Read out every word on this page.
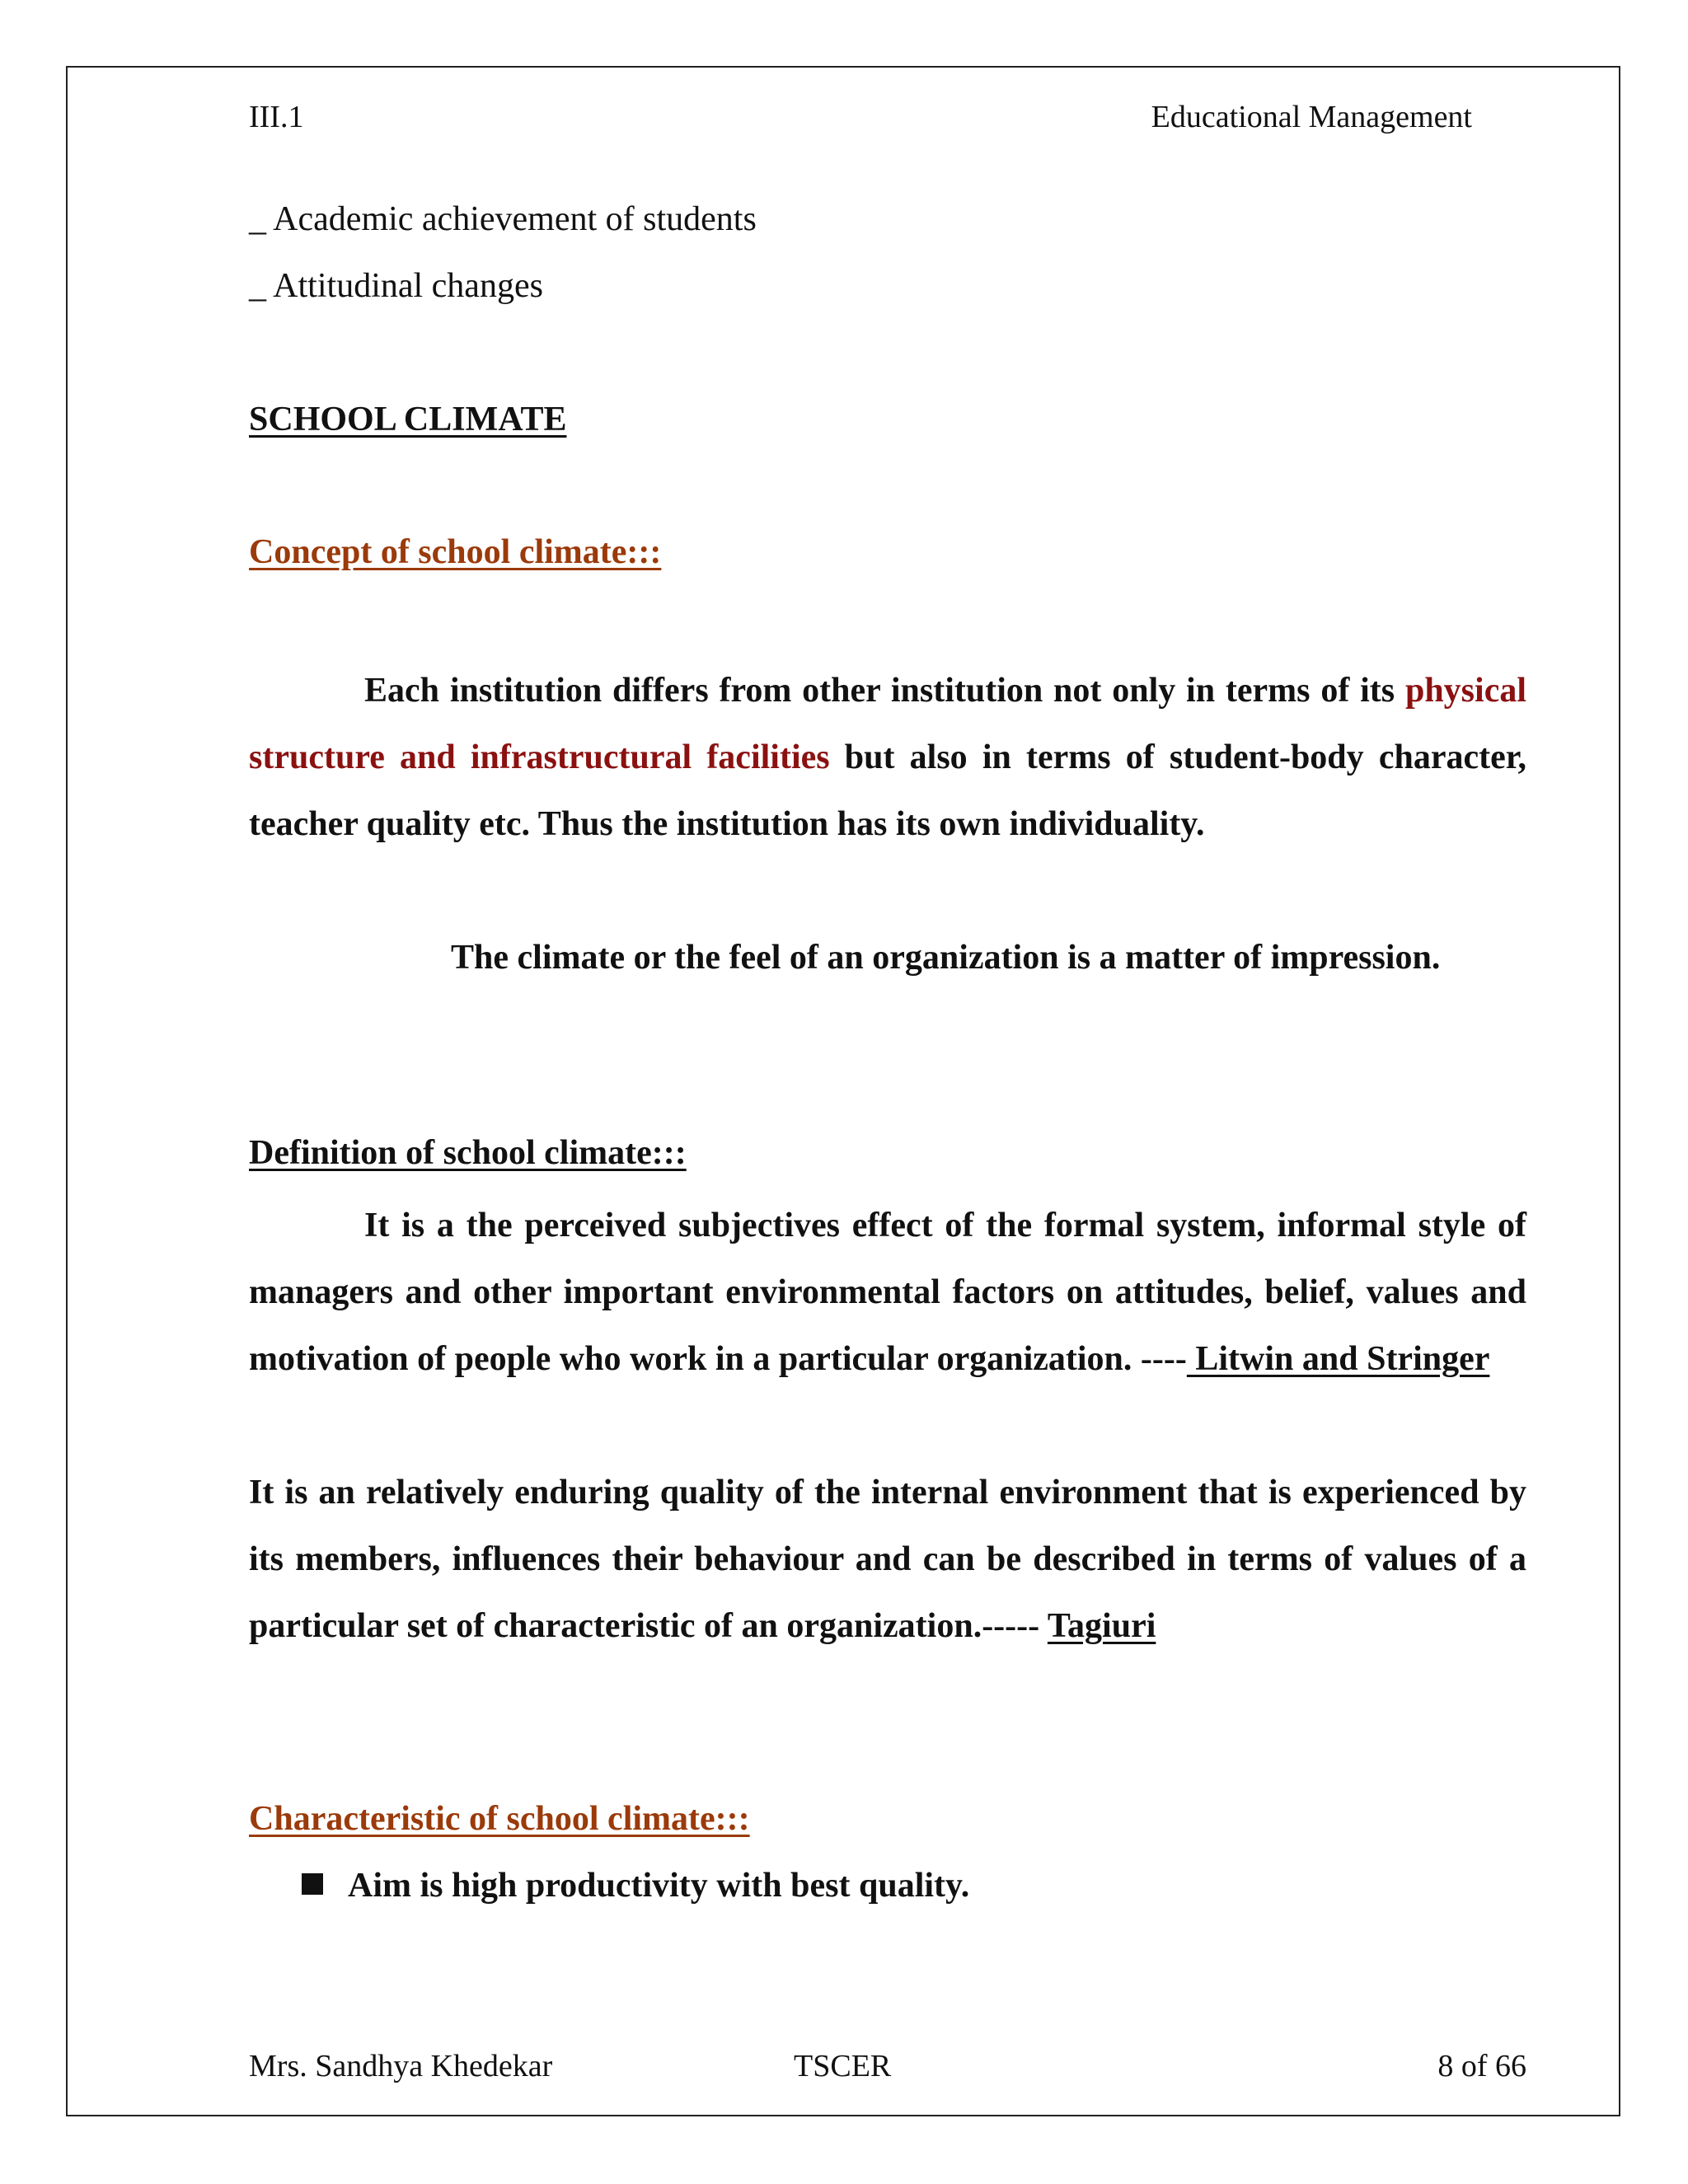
III.1	Educational Management
_ Academic achievement of students
_ Attitudinal changes
SCHOOL CLIMATE
Concept of school climate:::
Each institution differs from other institution not only in terms of its physical structure and infrastructural facilities but also in terms of student-body character, teacher quality etc. Thus the institution has its own individuality.
The climate or the feel of an organization is a matter of impression.
Definition of school climate:::
It is a the perceived subjectives effect of the formal system, informal style of managers and other important environmental factors on attitudes, belief, values and motivation of people who work in a particular organization. ---- Litwin and Stringer
It is an relatively enduring quality of the internal environment that is experienced by its members, influences their behaviour and can be described in terms of values of a particular set of characteristic of an organization.----- Tagiuri
Characteristic of school climate:::
Aim is high productivity with best quality.
Mrs. Sandhya Khedekar	TSCER	8 of 66
